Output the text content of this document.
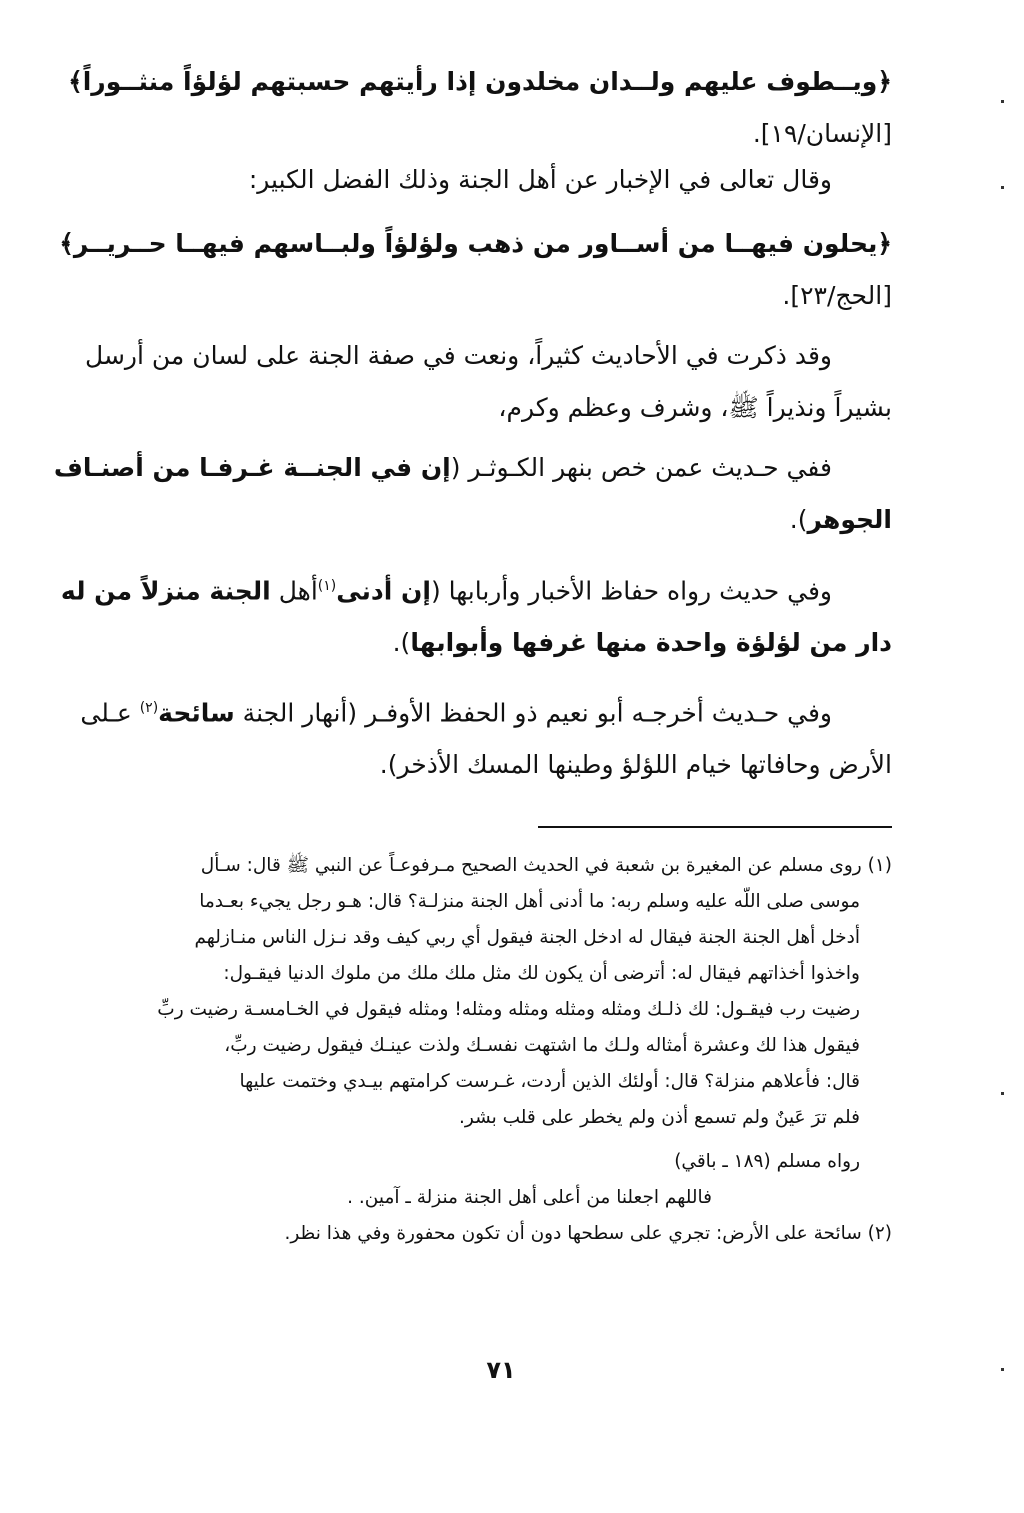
﴿ويــطوف عليهم ولــدان مخلدون إذا رأيتهم حسبتهم لؤلؤاً منثــوراً﴾
[الإنسان/١٩].
وقال تعالى في الإخبار عن أهل الجنة وذلك الفضل الكبير:
﴿يحلون فيهــا من أســاور من ذهب ولؤلؤاً ولبــاسهم فيهــا حــريــر﴾
[الحج/٢٣].
وقد ذكرت في الأحاديث كثيراً، ونعت في صفة الجنة على لسان من أرسل
بشيراً ونذيراً ﷺ، وشرف وعظم وكرم،
ففي حـديث عمن خص بنهر الكـوثـر (إن في الجنــة غـرفـا من أصنـاف
الجوهر).
وفي حديث رواه حفاظ الأخبار وأربابها (إن أدنى$^{(١)}$أهل الجنة منزلاً من له
دار من لؤلؤة واحدة منها غرفها وأبوابها).
وفي حـديث أخرجـه أبو نعيم ذو الحفظ الأوفـر (أنهار الجنة سائحة$^{(٢)}$ عـلى
الأرض وحافاتها خيام اللؤلؤ وطينها المسك الأذخر).
(١) روى مسلم عن المغيرة بن شعبة في الحديث الصحيح مـرفوعـاً عن النبي ﷺ قال: سـأل
موسى صلى اللّه عليه وسلم ربه: ما أدنى أهل الجنة منزلـة؟ قال: هـو رجل يجيء بعـدما
أدخل أهل الجنة الجنة فيقال له ادخل الجنة فيقول أي ربي كيف وقد نـزل الناس منـازلهم
واخذوا أخذاتهم فيقال له: أترضى أن يكون لك مثل ملك ملك من ملوك الدنيا فيقـول:
رضيت رب فيقـول: لك ذلـك ومثله ومثله ومثله ومثله! ومثله فيقول في الخـامسـة رضيت ربِّ
فيقول هذا لك وعشرة أمثاله ولـك ما اشتهت نفسـك ولذت عينـك فيقول رضيت ربِّ،
قال: فأعلاهم منزلة؟ قال: أولئك الذين أردت، غـرست كرامتهم بيـدي وختمت عليها
فلم ترَ عَينٌ ولم تسمع أذن ولم يخطر على قلب بشر.
رواه مسلم (١٨٩ ـ باقي)
فاللهم اجعلنا من أعلى أهل الجنة منزلة ـ آمين. .
(٢) سائحة على الأرض: تجري على سطحها دون أن تكون محفورة وفي هذا نظر.
٧١
